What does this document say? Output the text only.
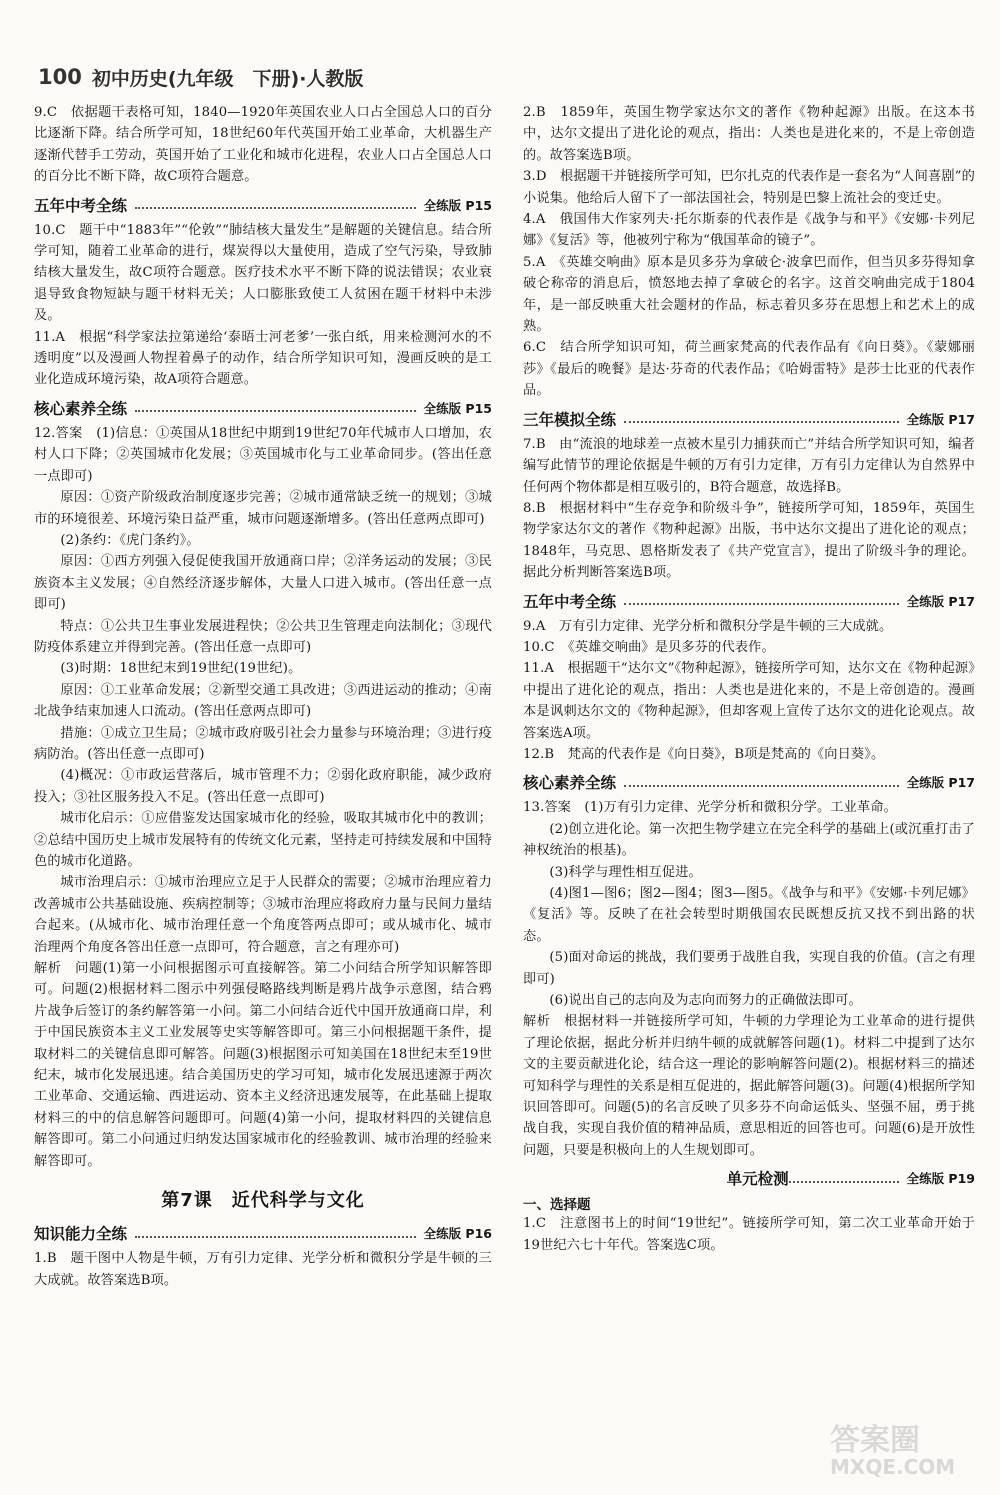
100 初中历史(九年级　下册)·人教版

9.C　依据题干表格可知，1840—1920年英国农业人口占全国总人口的百分比逐渐下降。结合所学可知，18世纪60年代英国开始工业革命，大机器生产逐渐代替手工劳动，英国开始了工业化和城市化进程，农业人口占全国总人口的百分比不断下降，故C项符合题意。

五年中考全练	全练版 P15

10.C　题干中“1883年”“伦敦”“肺结核大量发生”是解题的关键信息。结合所学可知，随着工业革命的进行，煤炭得以大量使用，造成了空气污染，导致肺结核大量发生，故C项符合题意。医疗技术水平不断下降的说法错误；农业衰退导致食物短缺与题干材料无关；人口膨胀致使工人贫困在题干材料中未涉及。

11.A　根据“科学家法拉第递给‘泰晤士河老爹’一张白纸，用来检测河水的不透明度”以及漫画人物捏着鼻子的动作，结合所学知识可知，漫画反映的是工业化造成环境污染，故A项符合题意。

核心素养全练	全练版 P15

12.答案　(1)信息：①英国从18世纪中期到19世纪70年代城市人口增加，农村人口下降；②英国城市化发展；③英国城市化与工业革命同步。(答出任意一点即可)

原因：①资产阶级政治制度逐步完善；②城市通常缺乏统一的规划；③城市的环境很差、环境污染日益严重，城市问题逐渐增多。(答出任意两点即可)

(2)条约：《虎门条约》。

原因：①西方列强入侵促使我国开放通商口岸；②洋务运动的发展；③民族资本主义发展；④自然经济逐步解体，大量人口进入城市。(答出任意一点即可)

特点：①公共卫生事业发展进程快；②公共卫生管理走向法制化；③现代防疫体系建立并得到完善。(答出任意一点即可)

(3)时期：18世纪末到19世纪(19世纪)。

原因：①工业革命发展；②新型交通工具改进；③西进运动的推动；④南北战争结束加速人口流动。(答出任意两点即可)

措施：①成立卫生局；②城市政府吸引社会力量参与环境治理；③进行疫病防治。(答出任意一点即可)

(4)概况：①市政运营落后，城市管理不力；②弱化政府职能，减少政府投入；③社区服务投入不足。(答出任意一点即可)

城市化启示：①应借鉴发达国家城市化的经验，吸取其城市化中的教训；②总结中国历史上城市发展特有的传统文化元素，坚持走可持续发展和中国特色的城市化道路。

城市治理启示：①城市治理应立足于人民群众的需要；②城市治理应着力改善城市公共基础设施、疾病控制等；③城市治理应将政府力量与民间力量结合起来。(从城市化、城市治理任意一个角度答两点即可；或从城市化、城市治理两个角度各答出任意一点即可，符合题意，言之有理亦可)

解析　问题(1)第一小问根据图示可直接解答。第二小问结合所学知识解答即可。问题(2)根据材料二图示中列强侵略路线判断是鸦片战争示意图，结合鸦片战争后签订的条约解答第一小问。第二小问结合近代中国开放通商口岸，利于中国民族资本主义工业发展等史实等解答即可。第三小问根据题干条件，提取材料二的关键信息即可解答。问题(3)根据图示可知美国在18世纪末至19世纪末，城市化发展迅速。结合美国历史的学习可知，城市化发展迅速源于两次工业革命、交通运输、西进运动、资本主义经济迅速发展等，在此基础上提取材料三的中的信息解答问题即可。问题(4)第一小问，提取材料四的关键信息解答即可。第二小问通过归纳发达国家城市化的经验教训、城市治理的经验来解答即可。

第7课　近代科学与文化
知识能力全练	全练版 P16

1.B　题干图中人物是牛顿，万有引力定律、光学分析和微积分学是牛顿的三大成就。故答案选B项。

2.B　1859年，英国生物学家达尔文的著作《物种起源》出版。在这本书中，达尔文提出了进化论的观点，指出：人类也是进化来的，不是上帝创造的。故答案选B项。

3.D　根据题干并链接所学可知，巴尔扎克的代表作是一套名为“人间喜剧”的小说集。他给后人留下了一部法国社会，特别是巴黎上流社会的变迁史。

4.A　俄国伟大作家列夫·托尔斯泰的代表作是《战争与和平》《安娜·卡列尼娜》《复活》等，他被列宁称为“俄国革命的镜子”。

5.A　《英雄交响曲》原本是贝多芬为拿破仑·波拿巴而作，但当贝多芬得知拿破仑称帝的消息后，愤怒地去掉了拿破仑的名字。这首交响曲完成于1804年，是一部反映重大社会题材的作品，标志着贝多芬在思想上和艺术上的成熟。

6.C　结合所学知识可知，荷兰画家梵高的代表作品有《向日葵》。《蒙娜丽莎》《最后的晚餐》是达·芬奇的代表作品；《哈姆雷特》是莎士比亚的代表作品。

三年模拟全练	全练版 P17

7.B　由“流浪的地球差一点被木星引力捕获而亡”并结合所学知识可知，编者编写此情节的理论依据是牛顿的万有引力定律，万有引力定律认为自然界中任何两个物体都是相互吸引的，B符合题意，故选择B。

8.B　根据材料中“生存竞争和阶级斗争”，链接所学可知，1859年，英国生物学家达尔文的著作《物种起源》出版，书中达尔文提出了进化论的观点；1848年，马克思、恩格斯发表了《共产党宣言》，提出了阶级斗争的理论。据此分析判断答案选B项。

五年中考全练	全练版 P17

9.A　万有引力定律、光学分析和微积分学是牛顿的三大成就。

10.C　《英雄交响曲》是贝多芬的代表作。

11.A　根据题干“达尔文”《物种起源》，链接所学可知，达尔文在《物种起源》中提出了进化论的观点，指出：人类也是进化来的，不是上帝创造的。漫画本是讽刺达尔文的《物种起源》，但却客观上宣传了达尔文的进化论观点。故答案选A项。

12.B　梵高的代表作是《向日葵》，B项是梵高的《向日葵》。

核心素养全练	全练版 P17

13.答案　(1)万有引力定律、光学分析和微积分学。工业革命。

(2)创立进化论。第一次把生物学建立在完全科学的基础上(或沉重打击了神权统治的根基)。

(3)科学与理性相互促进。

(4)图1—图6；图2—图4；图3—图5。《战争与和平》《安娜·卡列尼娜》《复活》等。反映了在社会转型时期俄国农民既想反抗又找不到出路的状态。

(5)面对命运的挑战，我们要勇于战胜自我，实现自我的价值。(言之有理即可)

(6)说出自己的志向及为志向而努力的正确做法即可。

解析　根据材料一并链接所学可知，牛顿的力学理论为工业革命的进行提供了理论依据，据此分析并归纳牛顿的成就解答问题(1)。材料二中提到了达尔文的主要贡献进化论，结合这一理论的影响解答问题(2)。根据材料三的描述可知科学与理性的关系是相互促进的，据此解答问题(3)。问题(4)根据所学知识回答即可。问题(5)的名言反映了贝多芬不向命运低头、坚强不屈，勇于挑战自我，实现自我价值的精神品质，意思相近的回答也可。问题(6)是开放性问题，只要是积极向上的人生规划即可。

单元检测	全练版 P19

一、选择题

1.C　注意图书上的时间“19世纪”。链接所学可知，第二次工业革命开始于19世纪六七十年代。答案选C项。

答案圈
MXQE.COM
